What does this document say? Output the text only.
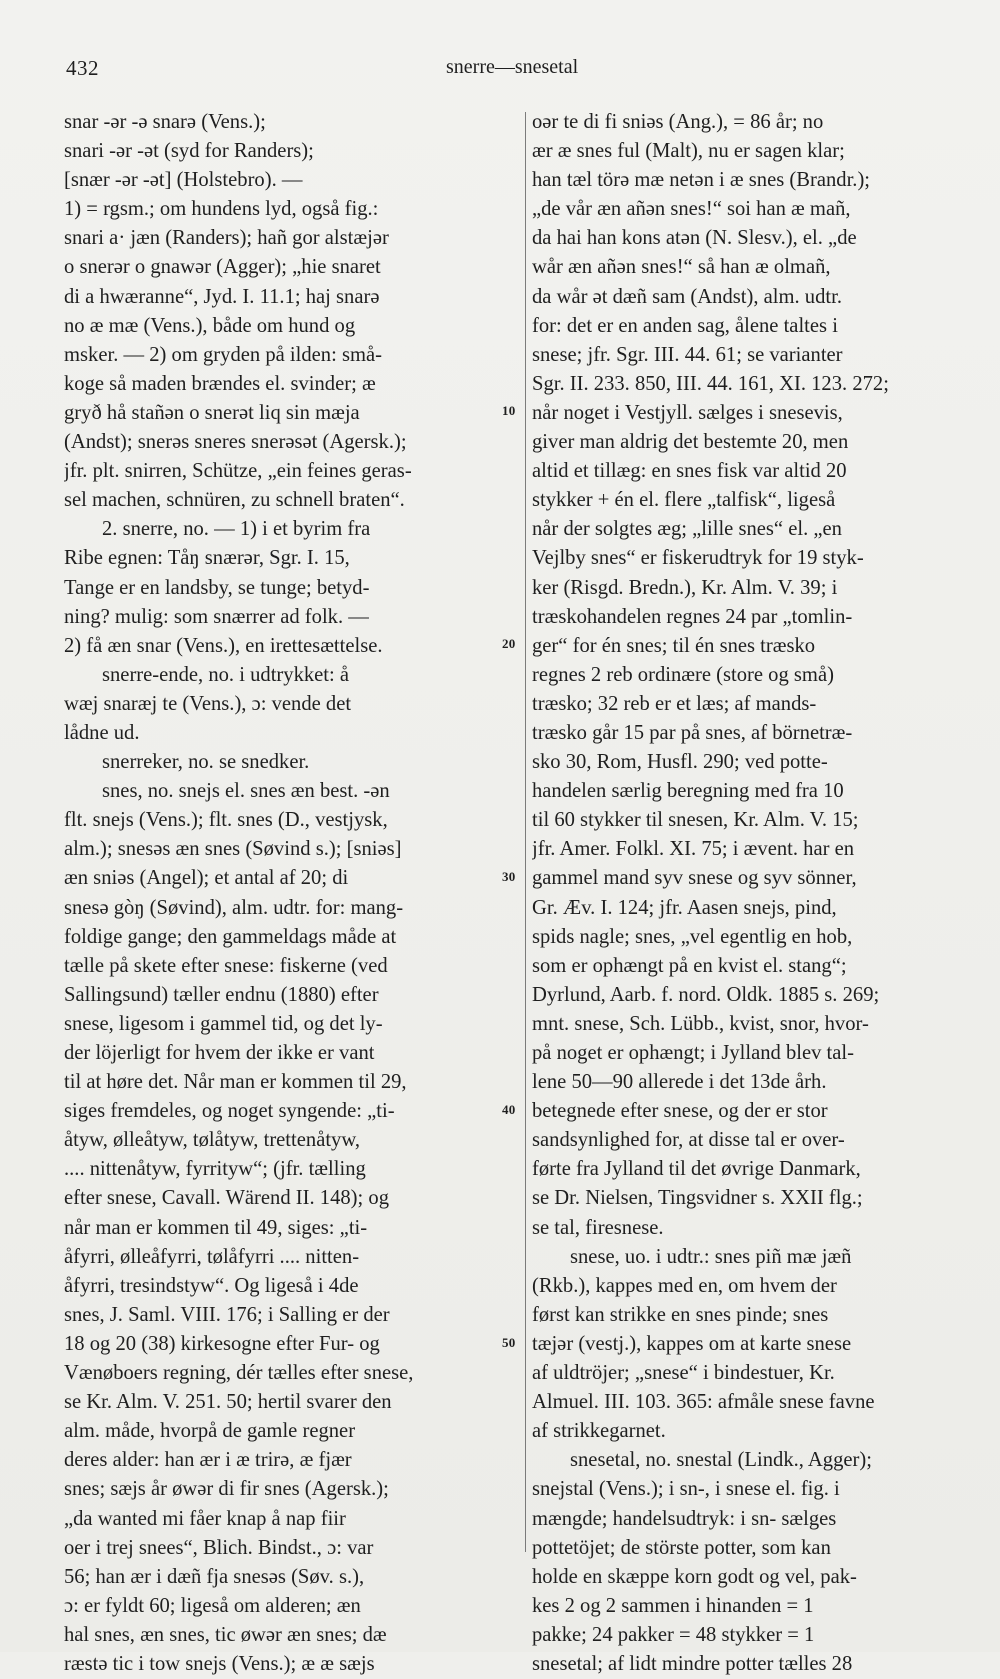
432	snerre—snesetal
snar -ər -ə snarə (Vens.);
snari -ər -ət (syd for Randers);
[snær -ər -ət] (Holstebro). —
1) = rgsm.; om hundens lyd, også fig.:
snari a· jæn (Randers); hañ gor alstæjər
o snerər o gnawər (Agger); „hie snaret
di a hwæranne“, Jyd. I. 11.1; haj snarə
no æ mæ (Vens.), både om hund og
msker. — 2) om gryden på ilden: små-
koge så maden brændes el. svinder; æ
gryð hå stañən o snerət liq sin mæja
(Andst); snerəs sneres snerəsət (Agersk.);
jfr. plt. snirren, Schütze, „ein feines geras-
sel machen, schnüren, zu schnell braten“.
2. snerre, no. — 1) i et byrim fra
Ribe egnen: Tåŋ snærər, Sgr. I. 15,
Tange er en landsby, se tunge; betyd-
ning? mulig: som snærrer ad folk. —
2) få æn snar (Vens.), en irettesættelse.
snerre-ende, no. i udtrykket: å
wæj snaræj te (Vens.), ɔ: vende det
lådne ud.
snerreker, no. se snedker.
snes, no. snejs el. snes æn best. -ən
flt. snejs (Vens.); flt. snes (D., vestjysk,
alm.); snesəs æn snes (Søvind s.); [sniəs]
æn sniəs (Angel); et antal af 20; di
snesə gòŋ (Søvind), alm. udtr. for: mang-
foldige gange; den gammeldags måde at
tælle på skete efter snese: fiskerne (ved
Sallingsund) tæller endnu (1880) efter
snese, ligesom i gammel tid, og det ly-
der löjerligt for hvem der ikke er vant
til at høre det. Når man er kommen til 29,
siges fremdeles, og noget syngende: „ti-
åtyw, ølleåtyw, tølåtyw, trettenåtyw,
.... nittenåtyw, fyrrityw“; (jfr. tælling
efter snese, Cavall. Wärend II. 148); og
når man er kommen til 49, siges: „ti-
åfyrri, ølleåfyrri, tølåfyrri .... nitten-
åfyrri, tresindstyw“. Og ligeså i 4de
snes, J. Saml. VIII. 176; i Salling er der
18 og 20 (38) kirkesogne efter Fur- og
Vænøboers regning, dér tælles efter snese,
se Kr. Alm. V. 251. 50; hertil svarer den
alm. måde, hvorpå de gamle regner
deres alder: han ær i æ trirə, æ fjær
snes; sæjs år øwər di fir snes (Agersk.);
„da wanted mi fåer knap å nap fiir
oer i trej snees“, Blich. Bindst., ɔ: var
56; han ær i dæñ fja snesəs (Søv. s.),
ɔ: er fyldt 60; ligeså om alderen; æn
hal snes, æn snes, tic øwər æn snes; dæ
ræstə tic i tow snejs (Vens.); æ æ sæjs
oər te di fi sniəs (Ang.), = 86 år; no
ær æ snes ful (Malt), nu er sagen klar;
han tæl törə mæ netən i æ snes (Brandr.);
„de vår æn añən snes!“ soi han æ mañ,
da hai han kons atən (N. Slesv.), el. „de
wår æn añən snes!“ så han æ olmañ,
da wår ət dæñ sam (Andst), alm. udtr.
for: det er en anden sag, ålene taltes i
snese; jfr. Sgr. III. 44. 61; se varianter
Sgr. II. 233. 850, III. 44. 161, XI. 123. 272;
når noget i Vestjyll. sælges i snesevis,
giver man aldrig det bestemte 20, men
altid et tillæg: en snes fisk var altid 20
stykker + én el. flere „talfisk“, ligeså
når der solgtes æg; „lille snes“ el. „en
Vejlby snes“ er fiskerudtryk for 19 styk-
ker (Risgd. Bredn.), Kr. Alm. V. 39; i
træskohandelen regnes 24 par „tomlin-
ger“ for én snes; til én snes træsko
regnes 2 reb ordinære (store og små)
træsko; 32 reb er et læs; af mands-
træsko går 15 par på snes, af börnetræ-
sko 30, Rom, Husfl. 290; ved potte-
handelen særlig beregning med fra 10
til 60 stykker til snesen, Kr. Alm. V. 15;
jfr. Amer. Folkl. XI. 75; i ævent. har en
gammel mand syv snese og syv sönner,
Gr. Æv. I. 124; jfr. Aasen snejs, pind,
spids nagle; snes, „vel egentlig en hob,
som er ophængt på en kvist el. stang“;
Dyrlund, Aarb. f. nord. Oldk. 1885 s. 269;
mnt. snese, Sch. Lübb., kvist, snor, hvor-
på noget er ophængt; i Jylland blev tal-
lene 50—90 allerede i det 13de årh.
betegnede efter snese, og der er stor
sandsynlighed for, at disse tal er over-
førte fra Jylland til det øvrige Danmark,
se Dr. Nielsen, Tingsvidner s. XXII flg.;
se tal, firesnese.
snese, uo. i udtr.: snes piñ mæ jæñ
(Rkb.), kappes med en, om hvem der
først kan strikke en snes pinde; snes
tæjər (vestj.), kappes om at karte snese
af uldtröjer; „snese“ i bindestuer, Kr.
Almuel. III. 103. 365: afmåle snese favne
af strikkegarnet.
snesetal, no. snestal (Lindk., Agger);
snejstal (Vens.); i sn-, i snese el. fig. i
mængde; handelsudtryk: i sn- sælges
pottetöjet; de störste potter, som kan
holde en skæppe korn godt og vel, pak-
kes 2 og 2 sammen i hinanden = 1
pakke; 24 pakker = 48 stykker = 1
snesetal; af lidt mindre potter tælles 28
10
20
30
40
50
